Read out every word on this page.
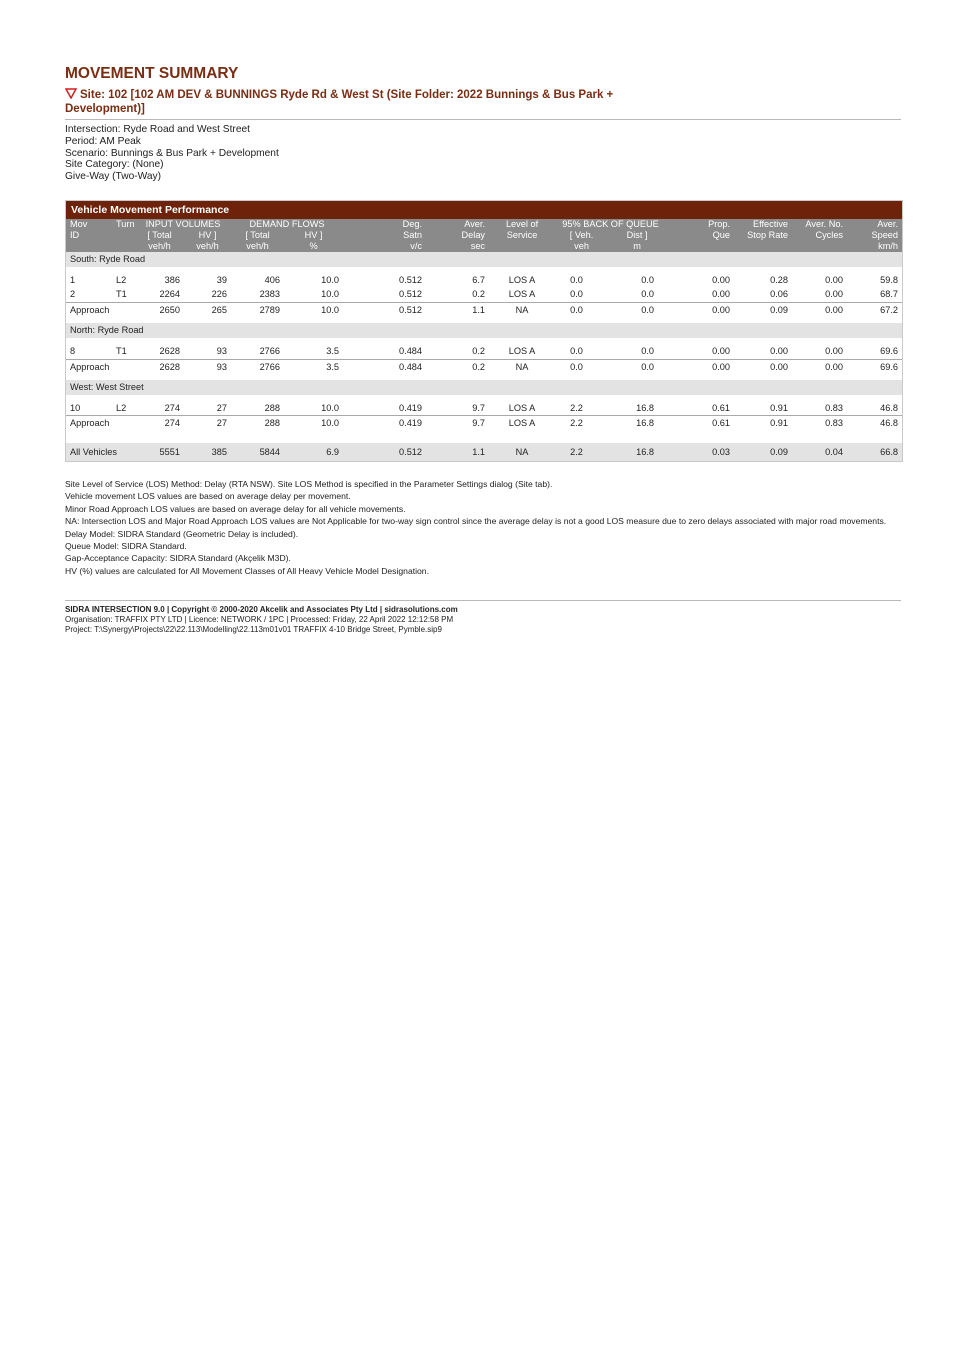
MOVEMENT SUMMARY
Site: 102 [102 AM DEV & BUNNINGS Ryde Rd & West St (Site Folder: 2022 Bunnings & Bus Park + Development)]
Intersection: Ryde Road and West Street
Period: AM Peak
Scenario: Bunnings & Bus Park + Development
Site Category: (None)
Give-Way (Two-Way)
Vehicle Movement Performance
Mov	Turn	INPUT VOLUMES		DEMAND FLOWS		Deg.	Aver.	Level of	95% BACK OF QUEUE		Prop.	Effective	Aver. No.	Aver.
ID		[ Total	HV ]	[ Total	HV ]	Satn	Delay	Service	[ Veh.	Dist ]	Que	Stop Rate	Cycles	Speed
		veh/h	veh/h	veh/h	%	v/c	sec		veh	m				km/h
South: Ryde Road														

1	L2	386	39	406	10.0	0.512	6.7	LOS A	0.0	0.0	0.00	0.28	0.00	59.8
2	T1	2264	226	2383	10.0	0.512	0.2	LOS A	0.0	0.0	0.00	0.06	0.00	68.7
Approach		2650	265	2789	10.0	0.512	1.1	NA	0.0	0.0	0.00	0.09	0.00	67.2

North: Ryde Road														

8	T1	2628	93	2766	3.5	0.484	0.2	LOS A	0.0	0.0	0.00	0.00	0.00	69.6
Approach		2628	93	2766	3.5	0.484	0.2	NA	0.0	0.0	0.00	0.00	0.00	69.6

West: West Street														

10	L2	274	27	288	10.0	0.419	9.7	LOS A	2.2	16.8	0.61	0.91	0.83	46.8
Approach		274	27	288	10.0	0.419	9.7	LOS A	2.2	16.8	0.61	0.91	0.83	46.8

All Vehicles		5551	385	5844	6.9	0.512	1.1	NA	2.2	16.8	0.03	0.09	0.04	66.8

Site Level of Service (LOS) Method: Delay (RTA NSW). Site LOS Method is specified in the Parameter Settings dialog (Site tab).

Vehicle movement LOS values are based on average delay per movement.

Minor Road Approach LOS values are based on average delay for all vehicle movements.

NA: Intersection LOS and Major Road Approach LOS values are Not Applicable for two-way sign control since the average delay is not a good LOS measure due to zero delays associated with major road movements.

Delay Model: SIDRA Standard (Geometric Delay is included).

Queue Model: SIDRA Standard.

Gap-Acceptance Capacity: SIDRA Standard (Akçelik M3D).

HV (%) values are calculated for All Movement Classes of All Heavy Vehicle Model Designation.

SIDRA INTERSECTION 9.0 | Copyright © 2000-2020 Akcelik and Associates Pty Ltd | sidrasolutions.com
Organisation: TRAFFIX PTY LTD | Licence: NETWORK / 1PC | Processed: Friday, 22 April 2022 12:12:58 PM
Project: T:\Synergy\Projects\22\22.113\Modelling\22.113m01v01 TRAFFIX 4-10 Bridge Street, Pymble.sip9
